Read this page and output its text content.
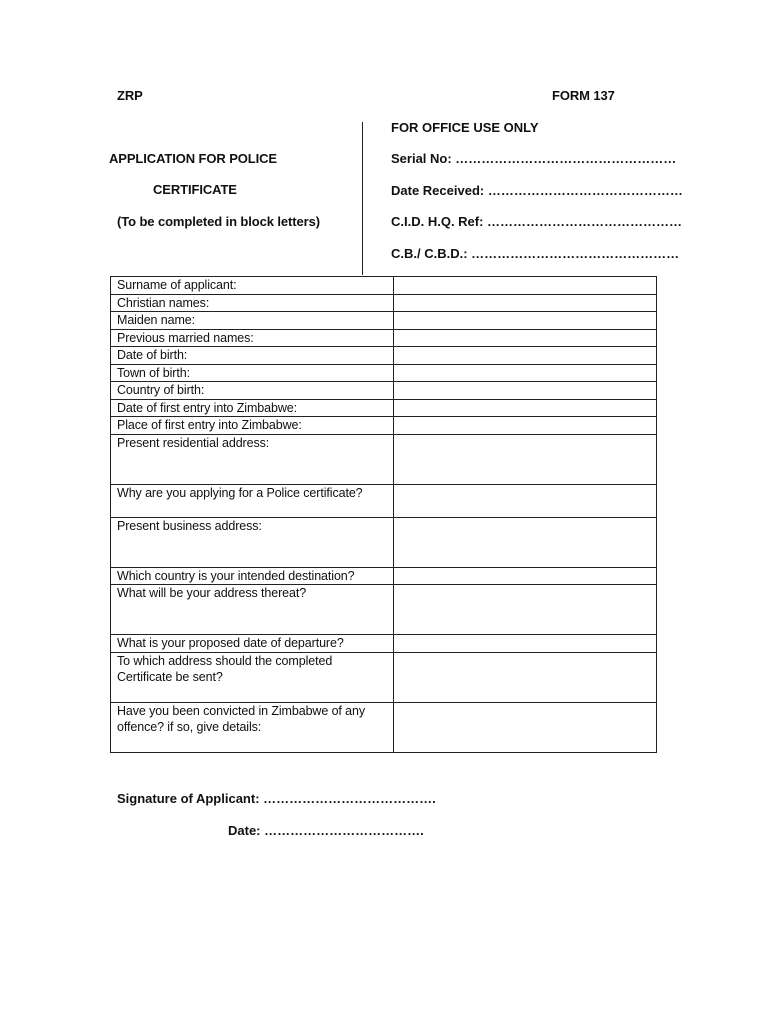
ZRP	FORM 137
APPLICATION FOR POLICE
CERTIFICATE
(To be completed in block letters)
FOR OFFICE USE ONLY
Serial No: ……………………………………………
Date Received: ………………………………………
C.I.D. H.Q. Ref: ………………………………………
C.B./ C.B.D.: …………………………………………
Surname of applicant:	
Christian names:	
Maiden name:	
Previous married names:	
Date of birth:	
Town of birth:	
Country of birth:	
Date of first entry into Zimbabwe:	
Place of first entry into Zimbabwe:	
Present residential address:	
Why are you applying for a Police certificate?	
Present business address:	
Which country is your intended destination?	
What will be your address thereat?	
What is your proposed date of departure?	
To which address should the completed Certificate be sent?	
Have you been convicted in Zimbabwe of any offence? if so, give details:	
Signature of Applicant: ………………………………….
Date: ……………………………….
